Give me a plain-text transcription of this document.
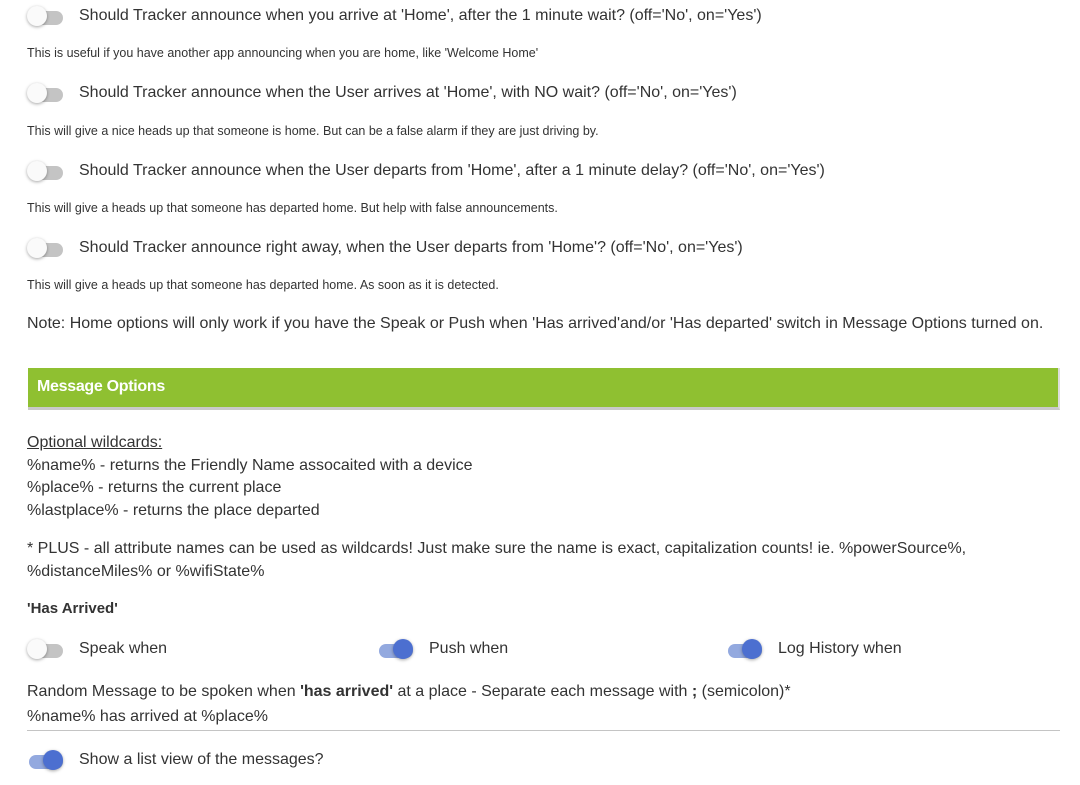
Should Tracker announce when you arrive at 'Home', after the 1 minute wait? (off='No', on='Yes')
This is useful if you have another app announcing when you are home, like 'Welcome Home'
Should Tracker announce when the User arrives at 'Home', with NO wait? (off='No', on='Yes')
This will give a nice heads up that someone is home. But can be a false alarm if they are just driving by.
Should Tracker announce when the User departs from 'Home', after a 1 minute delay? (off='No', on='Yes')
This will give a heads up that someone has departed home. But help with false announcements.
Should Tracker announce right away, when the User departs from 'Home'? (off='No', on='Yes')
This will give a heads up that someone has departed home. As soon as it is detected.
Note: Home options will only work if you have the Speak or Push when 'Has arrived'and/or 'Has departed' switch in Message Options turned on.
Message Options
Optional wildcards:
%name% - returns the Friendly Name assocaited with a device
%place% - returns the current place
%lastplace% - returns the place departed
* PLUS - all attribute names can be used as wildcards! Just make sure the name is exact, capitalization counts! ie. %powerSource%,
%distanceMiles% or %wifiState%
'Has Arrived'
Speak when	Push when	Log History when
Random Message to be spoken when 'has arrived' at a place - Separate each message with ; (semicolon)*
%name% has arrived at %place%
Show a list view of the messages?
